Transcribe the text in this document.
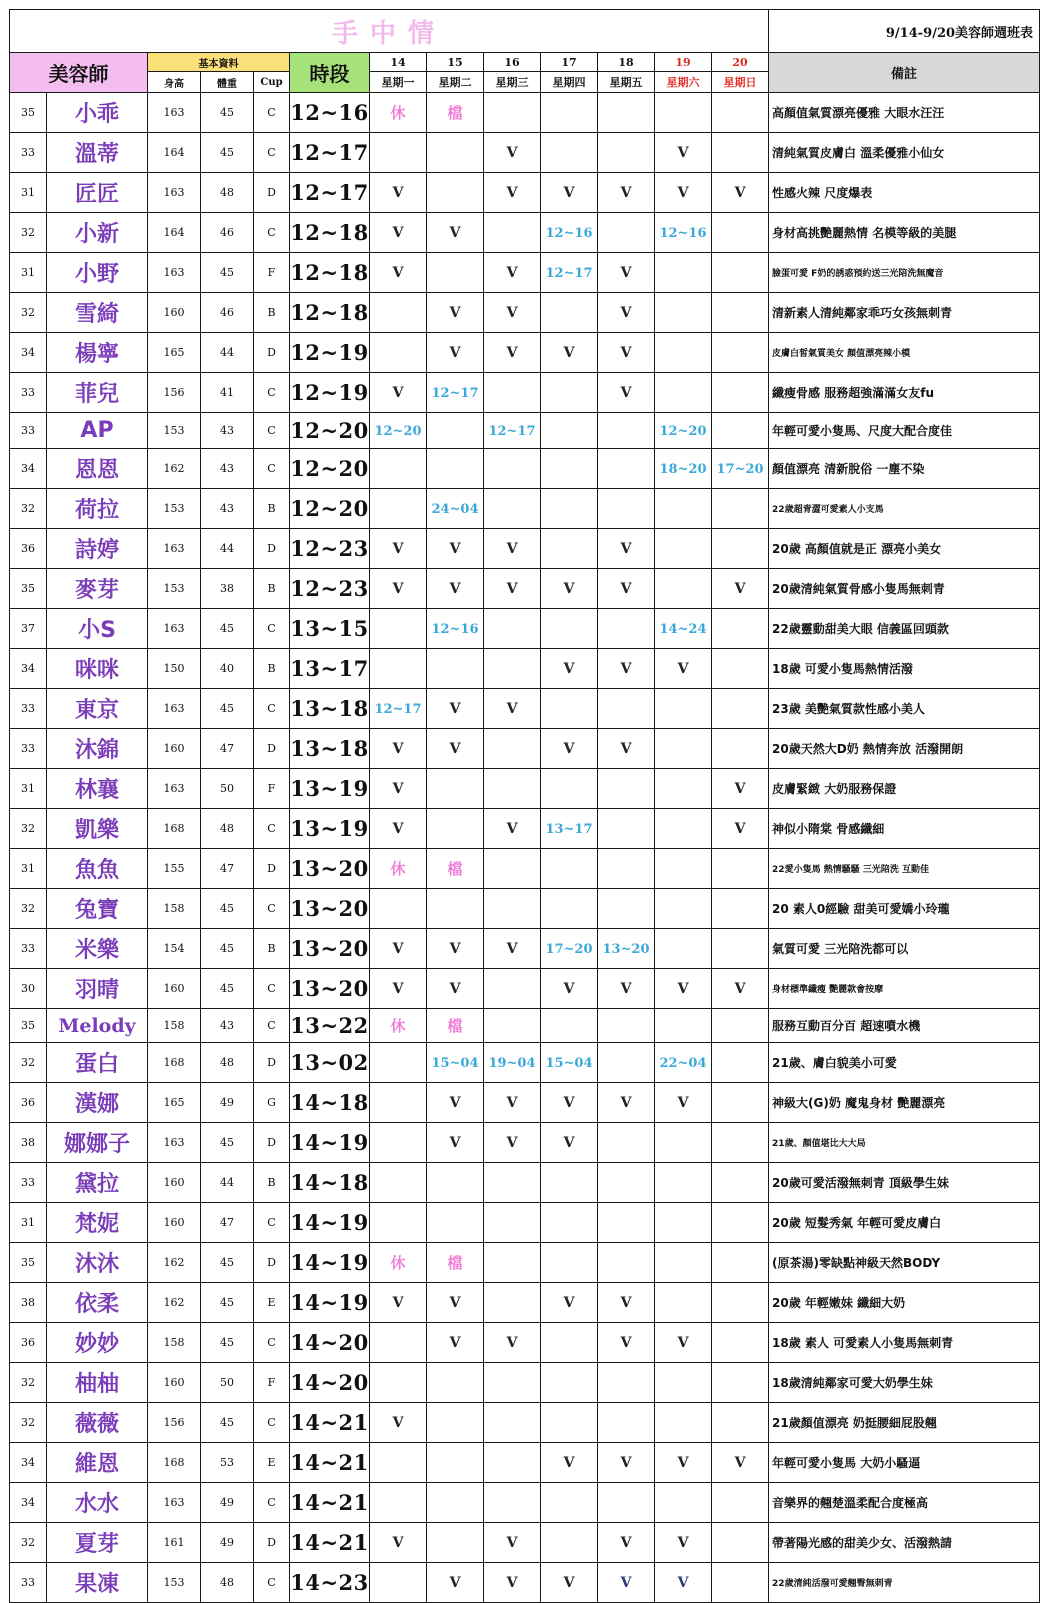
手中情													9/14-9/20美容師週班表
美容師		基本資料			時段	14	15	16	17	18	19	20	備註
		身高	體重	Cup		星期一	星期二	星期三	星期四	星期五	星期六	星期日	
35	小乖	163	45	C	12~16	休	檔						高顏值氣質漂亮優雅 大眼水汪汪
33	溫蒂	164	45	C	12~17			V			V		清純氣質皮膚白 溫柔優雅小仙女
31	匠匠	163	48	D	12~17	V		V	V	V	V	V	性感火辣 尺度爆表
32	小新	164	46	C	12~18	V	V		12~16		12~16		身材高挑艷麗熱情 名模等級的美腿
31	小野	163	45	F	12~18	V		V	12~17	V			臉蛋可愛 F奶的誘惑預約送三光陪洗無魔音
32	雪綺	160	46	B	12~18		V	V		V			清新素人清純鄰家乖巧女孩無刺青
34	楊寧	165	44	D	12~19		V	V	V	V			皮膚白皙氣質美女 顏值漂亮辣小模
33	菲兒	156	41	C	12~19	V	12~17			V			纖瘦骨感 服務超強滿滿女友fu
33	AP	153	43	C	12~20	12~20		12~17			12~20		年輕可愛小隻馬、尺度大配合度佳
34	恩恩	162	43	C	12~20						18~20	17~20	顏值漂亮 清新脫俗 一塵不染
32	荷拉	153	43	B	12~20		24~04						22歲超青澀可愛素人小支馬
36	詩婷	163	44	D	12~23	V	V	V		V			20歲 高顏值就是正 漂亮小美女
35	麥芽	153	38	B	12~23	V	V	V	V	V		V	20歲清純氣質骨感小隻馬無刺青
37	小S	163	45	C	13~15		12~16				14~24		22歲靈動甜美大眼 信義區回頭款
34	咪咪	150	40	B	13~17				V	V	V		18歲 可愛小隻馬熱情活潑
33	東京	163	45	C	13~18	12~17	V	V					23歲 美艷氣質款性感小美人
33	沐錦	160	47	D	13~18	V	V		V	V			20歲天然大D奶 熱情奔放 活潑開朗
31	林襄	163	50	F	13~19	V						V	皮膚緊緻 大奶服務保證
32	凱樂	168	48	C	13~19	V		V	13~17			V	神似小隋棠 骨感纖細
31	魚魚	155	47	D	13~20	休	檔						22愛小隻馬 熱情騷騷 三光陪洗 互動佳
32	兔寶	158	45	C	13~20								20 素人0經驗 甜美可愛嬌小玲瓏
33	米樂	154	45	B	13~20	V	V	V	17~20	13~20			氣質可愛 三光陪洗都可以
30	羽晴	160	45	C	13~20	V	V		V	V	V	V	身材標準纖瘦 艷麗款會按摩
35	Melody	158	43	C	13~22	休	檔						服務互動百分百 超速噴水機
32	蛋白	168	48	D	13~02		15~04	19~04	15~04		22~04		21歲、膚白貌美小可愛
36	漢娜	165	49	G	14~18		V	V	V	V	V		神級大(G)奶 魔鬼身材 艷麗漂亮
38	娜娜子	163	45	D	14~19		V	V	V				21歲、顏值堪比大大局
33	黛拉	160	44	B	14~18								20歲可愛活潑無刺青 頂級學生妹
31	梵妮	160	47	C	14~19								20歲 短髮秀氣 年輕可愛皮膚白
35	沐沐	162	45	D	14~19	休	檔						(原茶湯)零缺點神級天然BODY
38	依柔	162	45	E	14~19	V	V		V	V			20歲 年輕嫩妹 纖細大奶
36	妙妙	158	45	C	14~20		V	V		V	V		18歲 素人 可愛素人小隻馬無刺青
32	柚柚	160	50	F	14~20								18歲清純鄰家可愛大奶學生妹
32	薇薇	156	45	C	14~21	V							21歲顏值漂亮 奶挺腰細屁股翹
34	維恩	168	53	E	14~21				V	V	V	V	年輕可愛小隻馬 大奶小騷逼
34	水水	163	49	C	14~21								音樂界的翹楚溫柔配合度極高
32	夏芽	161	49	D	14~21	V		V		V	V		帶著陽光感的甜美少女、活潑熱請
33	果凍	153	48	C	14~23		V	V	V	V	V		22歲清純活潑可愛翹臀無刺青
